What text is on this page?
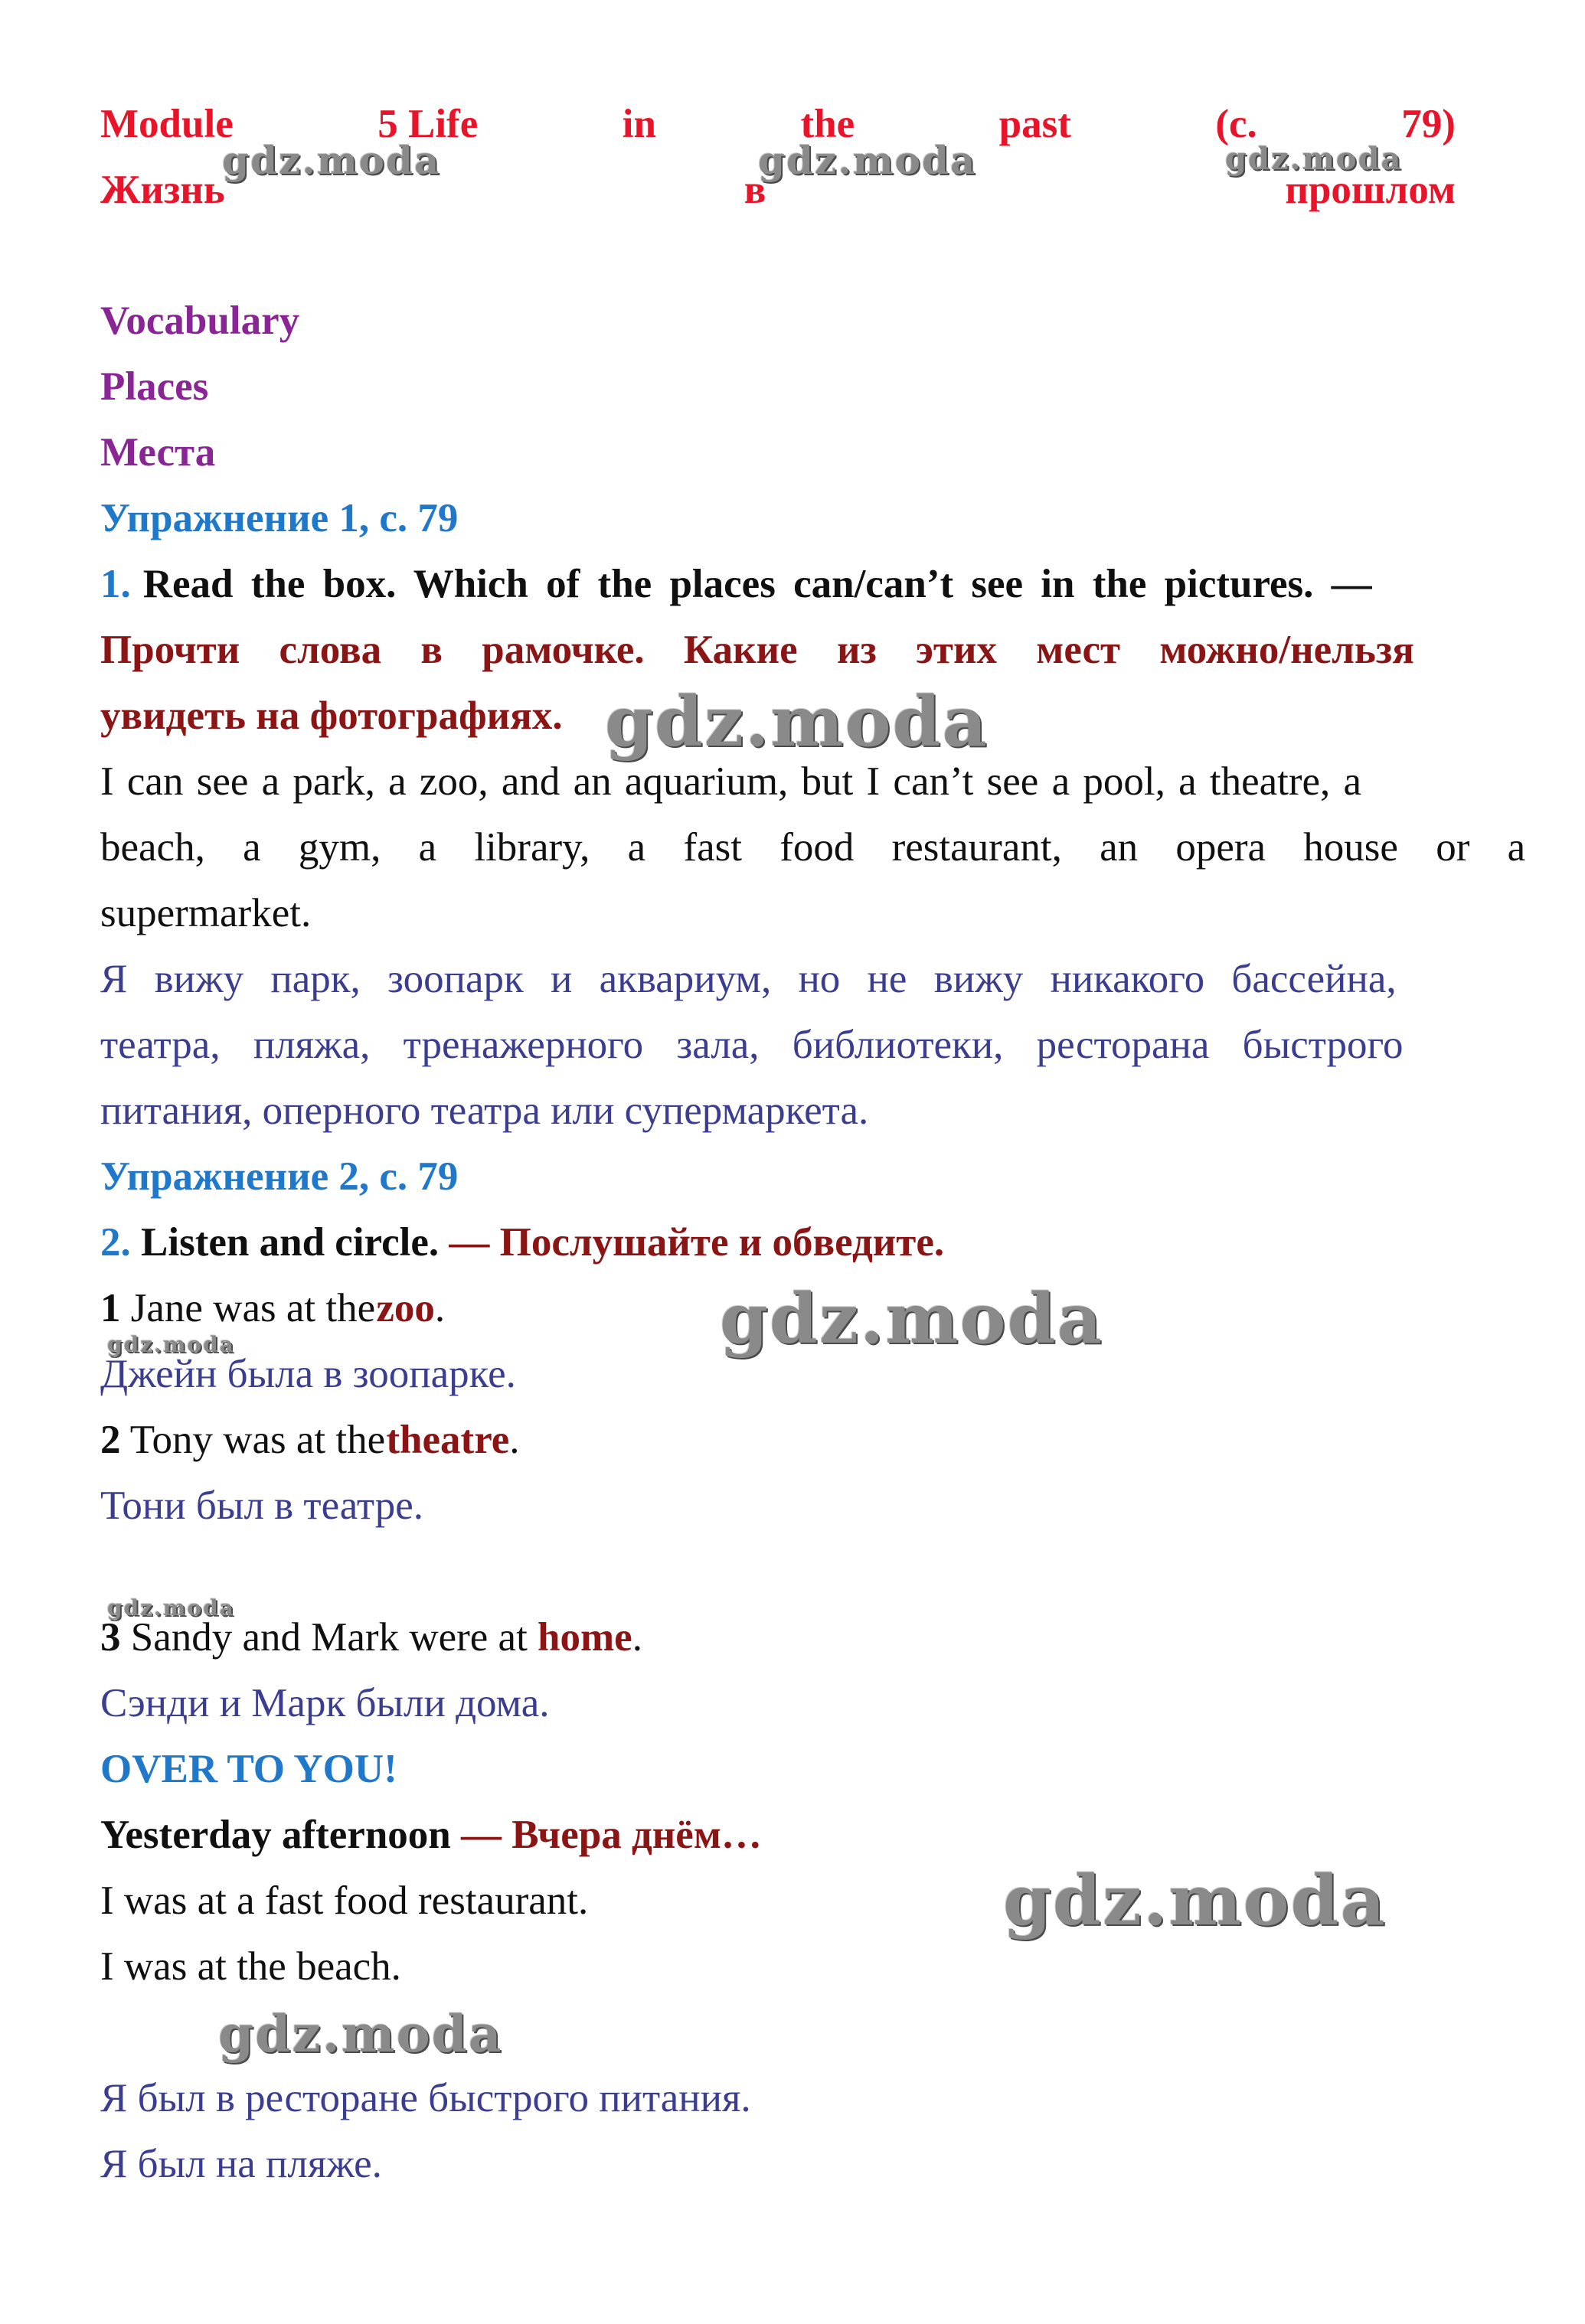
Module	5 Life	in	the	past	(с.	79)
Жизнь	в	прошлом
Vocabulary
Places
Места
Упражнение 1, с. 79
1. Read the box. Which of the places can/can’t see in the pictures. —
Прочти слова в рамочке. Какие из этих мест можно/нельзя
увидеть на фотографиях.
I can see a park, a zoo, and an aquarium, but I can’t see a pool, a theatre, a
beach, a gym, a library, a fast food restaurant, an opera house or a
supermarket.
Я вижу парк, зоопарк и аквариум, но не вижу никакого бассейна,
театра, пляжа, тренажерного зала, библиотеки, ресторана быстрого
питания, оперного театра или супермаркета.
Упражнение 2, с. 79
2. Listen and circle. — Послушайте и обведите.
1 Jane was at the zoo.
Джейн была в зоопарке.
2 Tony was at the theatre.
Тони был в театре.
3 Sandy and Mark were at home.
Сэнди и Марк были дома.
OVER TO YOU!
Yesterday afternoon — Вчера днём…
I was at a fast food restaurant.
I was at the beach.
Я был в ресторане быстрого питания.
Я был на пляже.
gdz.moda	gdz.moda	gdz.moda
gdz.moda
gdz.moda
gdz.moda
gdz.moda
gdz.moda
gdz.moda
